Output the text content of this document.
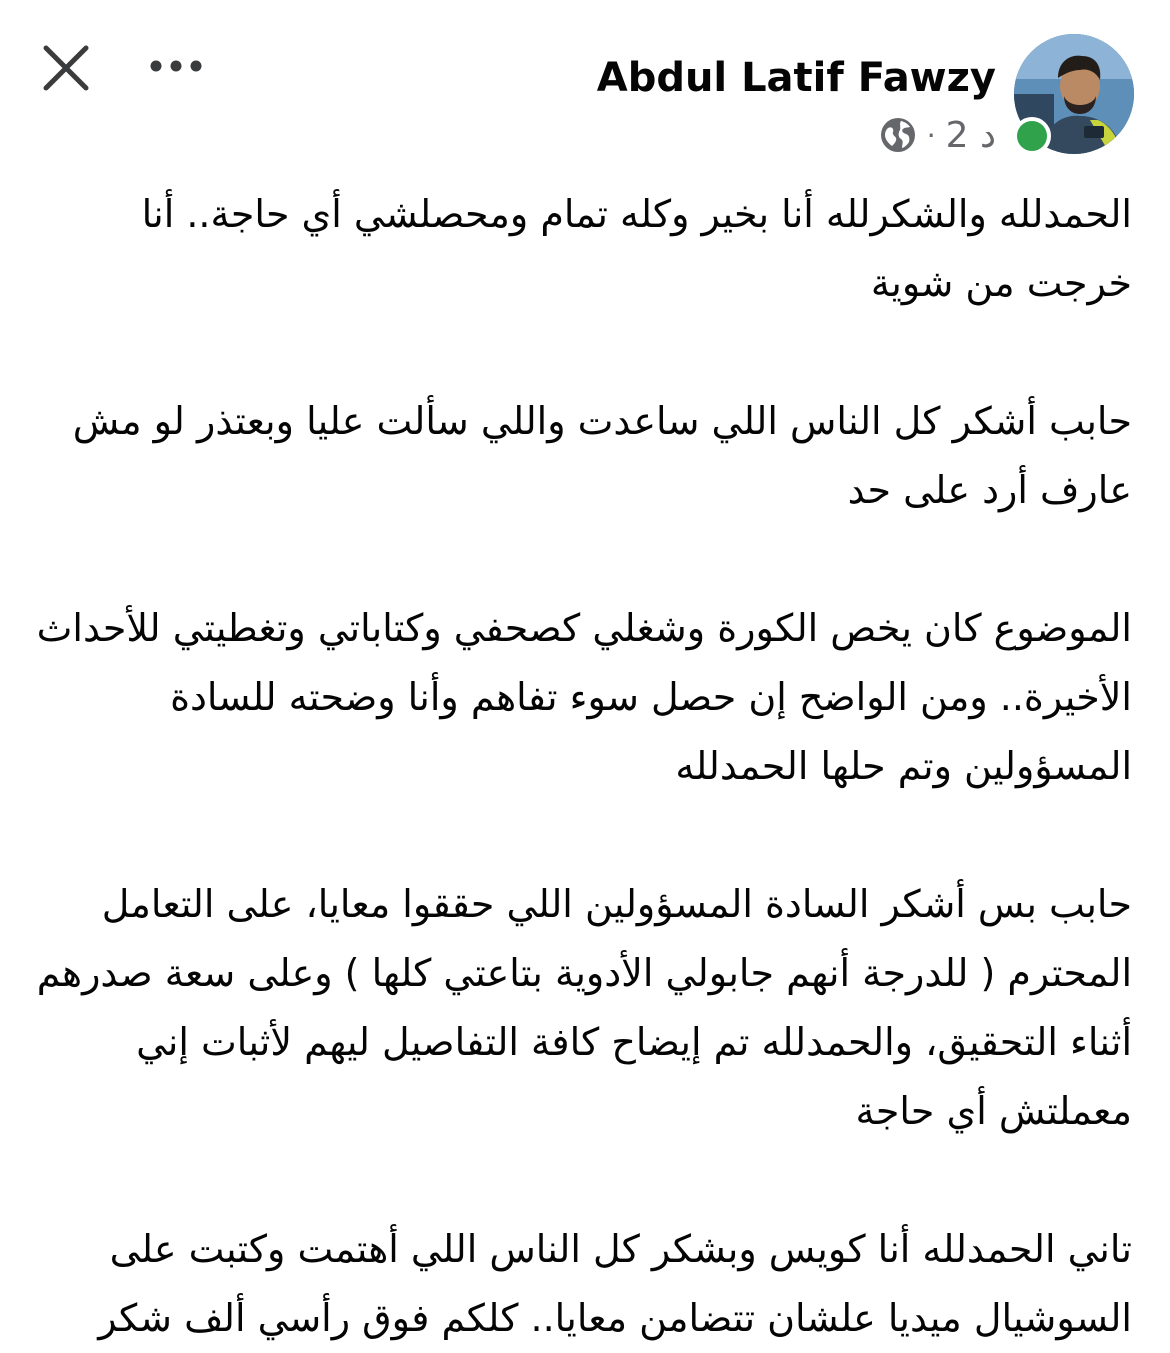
Abdul Latif Fawzy
2 د
·

الحمدلله والشكرلله أنا بخير وكله تمام ومحصلشي أي حاجة.. أنا خرجت من شوية

حابب أشكر كل الناس اللي ساعدت واللي سألت عليا وبعتذر لو مش عارف أرد على حد

الموضوع كان يخص الكورة وشغلي كصحفي وكتاباتي وتغطيتي للأحداث الأخيرة.. ومن الواضح إن حصل سوء تفاهم وأنا وضحته للسادة المسؤولين وتم حلها الحمدلله

حابب بس أشكر السادة المسؤولين اللي حققوا معايا، على التعامل المحترم ( للدرجة أنهم جابولي الأدوية بتاعتي كلها ) وعلى سعة صدرهم أثناء التحقيق، والحمدلله تم إيضاح كافة التفاصيل ليهم لأثبات إني معملتش أي حاجة

تاني الحمدلله أنا كويس وبشكر كل الناس اللي أهتمت وكتبت على السوشيال ميديا علشان تتضامن معايا.. كلكم فوق رأسي ألف شكر
